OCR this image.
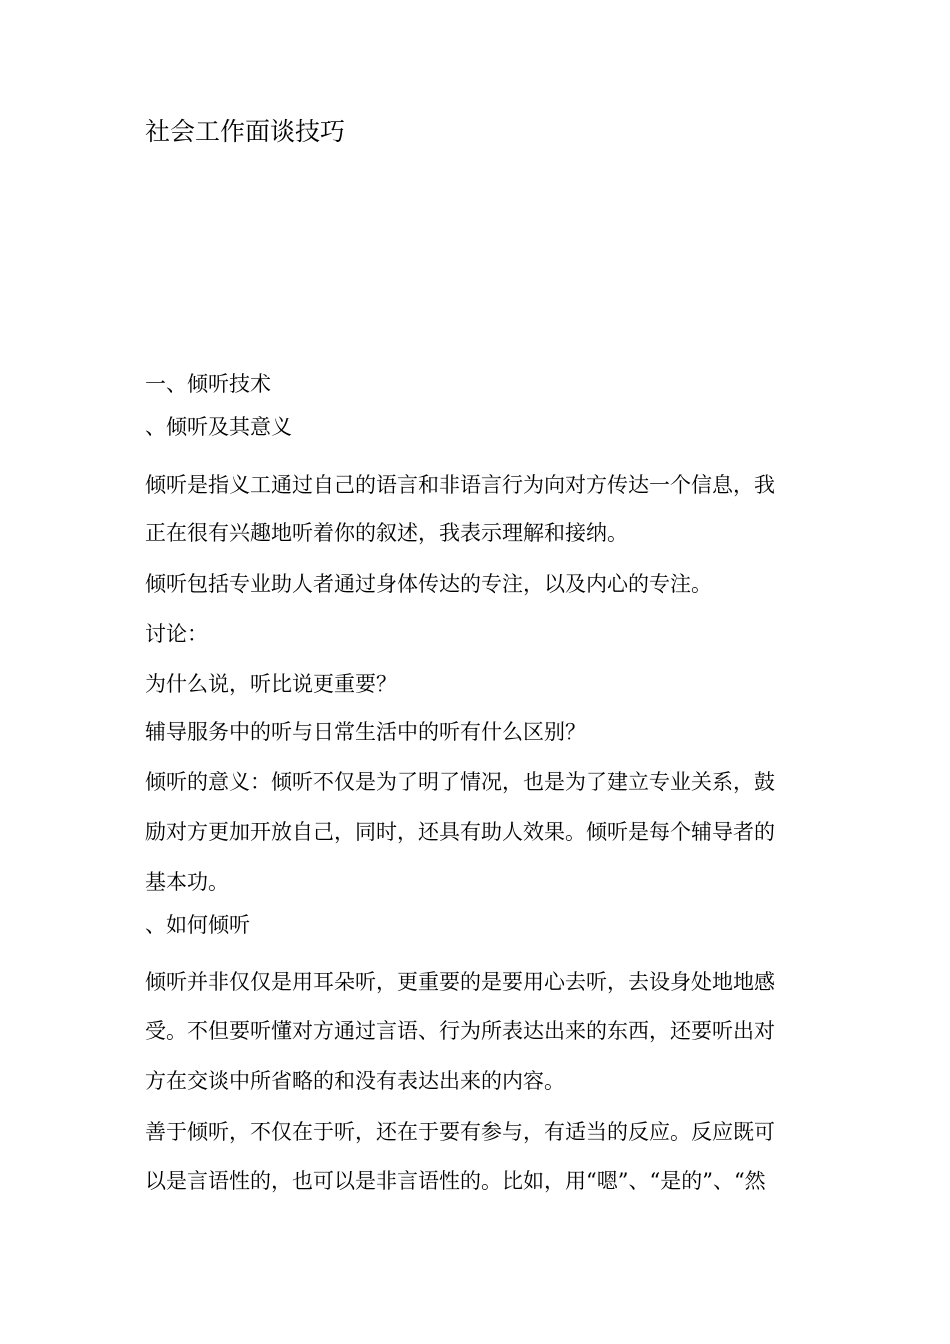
社会工作面谈技巧
一、倾听技术
、倾听及其意义
倾听是指义工通过自己的语言和非语言行为向对方传达一个信息，我
正在很有兴趣地听着你的叙述，我表示理解和接纳。
倾听包括专业助人者通过身体传达的专注，以及内心的专注。
讨论：
为什么说，听比说更重要？
辅导服务中的听与日常生活中的听有什么区别？
倾听的意义：倾听不仅是为了明了情况，也是为了建立专业关系，鼓
励对方更加开放自己，同时，还具有助人效果。倾听是每个辅导者的
基本功。
、如何倾听
倾听并非仅仅是用耳朵听，更重要的是要用心去听，去设身处地地感
受。不但要听懂对方通过言语、行为所表达出来的东西，还要听出对
方在交谈中所省略的和没有表达出来的内容。
善于倾听，不仅在于听，还在于要有参与，有适当的反应。反应既可
以是言语性的，也可以是非言语性的。比如，用“嗯”、“是的”、“然
